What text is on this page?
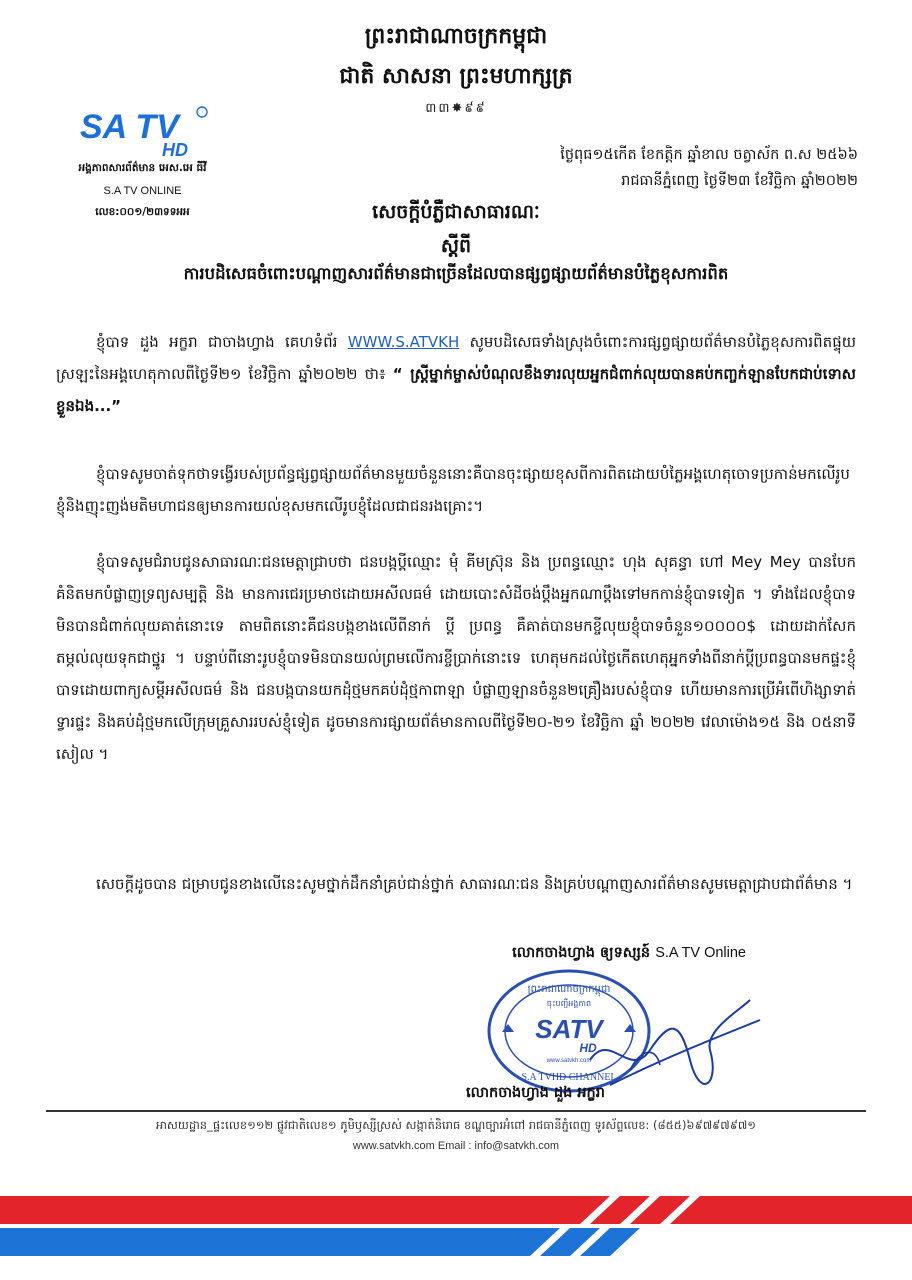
ព្រះរាជាណាចក្រកម្ពុជា
ជាតិ សាសនា ព្រះមហាក្សត្រ
៣៣✸៩៩
SA TV
HD
អង្គភាពសារព័ត៌មាន អេស.អេ ធីវី
S.A TV ONLINE
លេខ:០០១/២៣ទទអអ
ថ្ងៃពុធ១៥កើត ខែកត្តិក ឆ្នាំខាល ចត្វាស័ក ព.ស ២៥៦៦
រាជធានីភ្នំពេញ ថ្ងៃទី២៣ ខែវិច្ឆិកា ឆ្នាំ២០២២
សេចក្តីបំភ្លឺជាសាធារណៈ
ស្តីពី
ការបដិសេធចំពោះបណ្តាញសារព័ត៌មានជាច្រើនដែលបានផ្សព្វផ្សាយព័ត៌មានបំភ្លៃខុសការពិត
ខ្ញុំបាទ ដួង អក្ខរា ជាចាងហ្វាង គេហទំព័រ WWW.S.ATVKH សូមបដិសេធទាំងស្រុងចំពោះការផ្សព្វផ្សាយព័ត៌មានបំភ្លៃខុសការពិតផ្ទុយស្រឡះនៃអង្គហេតុកាលពីថ្ងៃទី២១ ខែវិច្ឆិកា ឆ្នាំ២០២២ ថា៖ “ ស្ត្រីម្នាក់ម្ចាស់បំណុលខឹងទារលុយអ្នកជំពាក់លុយបានគប់កញ្ចក់ឡានបែកជាប់ទោសខ្លួនឯង...”
ខ្ញុំបាទសូមចាត់ទុកថាទង្វើរបស់ប្រព័ន្ធផ្សព្វផ្សាយព័ត៌មានមួយចំនួននោះគឺបានចុះផ្សាយខុសពីការពិតដោយបំភ្លៃអង្គហេតុចោទប្រកាន់មកលើរូបខ្ញុំនិងញុះញង់មតិមហាជនឲ្យមានការយល់ខុសមកលើរូបខ្ញុំដែលជាជនរងគ្រោះ។
ខ្ញុំបាទសូមជំរាបជូនសាធារណៈជនមេត្តាជ្រាបថា ជនបង្កប្តីឈ្មោះ មុំ គីមស្រ៊ុន និង ប្រពន្ធឈ្មោះ ហុង សុគន្ធា ហៅ Mey Mey បានបែកគំនិតមកបំផ្លាញទ្រព្យសម្បត្តិ និង មានការជេរប្រមាថដោយអសីលធម៌ ដោយបោះសំដីចង់ប្តឹងអ្នកណាប្តឹងទៅមកកាន់ខ្ញុំបាទទៀត ។ ទាំងដែលខ្ញុំបាទមិនបានជំពាក់លុយគាត់នោះទេ តាមពិតនោះគឺជនបង្កខាងលើពីនាក់ ប្តី ប្រពន្ធ គឺគាត់បានមកខ្ចីលុយខ្ញុំបាទចំនួន១០០០០$ ដោយដាក់សែកតម្កល់លុយទុកជាថ្នូរ ។ បន្ទាប់ពីនោះរូបខ្ញុំបាទមិនបានយល់ព្រមលើការខ្ចីប្រាក់នោះទេ ហេតុមកដល់ថ្ងៃកើតហេតុអ្នកទាំងពីនាក់ប្តីប្រពន្ធបានមកផ្ទះខ្ញុំបាទដោយពាក្យសម្តីអសីលធម៌ និង ជនបង្កបានយកដុំថ្មមកគប់ដុំថ្មកាពាឡា បំផ្លាញឡានចំនួន២គ្រឿងរបស់ខ្ញុំបាទ ហើយមានការប្រើអំពើហិង្សាទាត់ទ្វារផ្ទះ និងគប់ដុំថ្មមកលើក្រុមគ្រួសាររបស់ខ្ញុំទៀត ដូចមានការផ្សាយព័ត៌មានកាលពីថ្ងៃទី២០-២១ ខែវិច្ឆិកា ឆ្នាំ ២០២២ វេលាម៉ោង១៥ និង ០៥នាទី សៀល ។
សេចក្តីដូចបាន ជម្រាបជូនខាងលើនេះសូមថ្នាក់ដឹកនាំគ្រប់ជាន់ថ្នាក់ សាធារណៈជន និងគ្រប់បណ្តាញសារព័ត៌មានសូមមេត្តាជ្រាបជាព័ត៌មាន ។
លោកចាងហ្វាង ឲ្យទស្សន៍ S.A TV Online
ព្រះរាជាណាចក្រកម្ពុជា
ចុះបញ្ជីអង្គភាព
SATV
HD
www.satvkh.com
S.A TVHD CHANNEL
លោកចាងហ្វាង ដួង អក្ខរា
អាសយដ្ឋាន_ផ្ទះលេខ១១២ ផ្លូវជាតិលេខ១ ភូមិឫស្សីស្រស់ សង្កាត់និរោធ ខណ្ឌច្បារអំពៅ រាជធានីភ្នំពេញ ទូរស័ព្ទលេខ: (៨៥៥)៦៩៧៩៧៩៧១
www.satvkh.com Email : info@satvkh.com
